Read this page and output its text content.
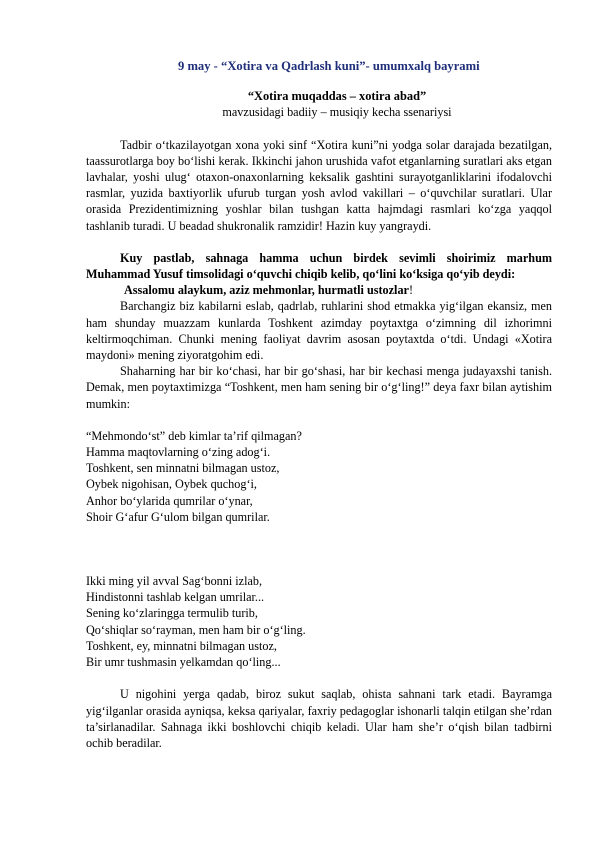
9 may - “Xotira va Qadrlash kuni”- umumxalq bayrami
“Xotira muqaddas – xotira abad”
mavzusidagi badiiy – musiqiy kecha ssenariysi

Tadbir o‘tkazilayotgan xona yoki sinf “Xotira kuni”ni yodga solar darajada bezatilgan, taassurotlarga boy bo‘lishi kerak. Ikkinchi jahon urushida vafot etganlarning suratlari aks etgan lavhalar, yoshi ulug‘ otaxon-onaxonlarning keksalik gashtini surayotganliklarini ifodalovchi rasmlar, yuzida baxtiyorlik ufurub turgan yosh avlod vakillari – o‘quvchilar suratlari. Ular orasida Prezidentimizning yoshlar bilan tushgan katta hajmdagi rasmlari ko‘zga yaqqol tashlanib turadi. U beadad shukronalik ramzidir! Hazin kuy yangraydi.

Kuy pastlab, sahnaga hamma uchun birdek sevimli shoirimiz marhum Muhammad Yusuf timsolidagi o‘quvchi chiqib kelib, qo‘lini ko‘ksiga qo‘yib deydi:

Assalomu alaykum, aziz mehmonlar, hurmatli ustozlar!

Barchangiz biz kabilarni eslab, qadrlab, ruhlarini shod etmakka yig‘ilgan ekansiz, men ham shunday muazzam kunlarda Toshkent azimday poytaxtga o‘zimning dil izhorimni keltirmoqchiman. Chunki mening faoliyat davrim asosan poytaxtda o‘tdi. Undagi «Xotira maydoni» mening ziyoratgohim edi.

Shaharning har bir ko‘chasi, har bir go‘shasi, har bir kechasi menga judayaxshi tanish. Demak, men poytaxtimizga “Toshkent, men ham sening bir o‘g‘ling!” deya faxr bilan aytishim mumkin:

“Mehmondo‘st” deb kimlar ta’rif qilmagan?
Hamma maqtovlarning o‘zing adog‘i.
Toshkent, sen minnatni bilmagan ustoz,
Oybek nigohisan, Oybek quchog‘i,
Anhor bo‘ylarida qumrilar o‘ynar,
Shoir G‘afur G‘ulom bilgan qumrilar.
Ikki ming yil avval Sag‘bonni izlab,
Hindistonni tashlab kelgan umrilar...
Sening ko‘zlaringga termulib turib,
Qo‘shiqlar so‘rayman, men ham bir o‘g‘ling.
Toshkent, ey, minnatni bilmagan ustoz,
Bir umr tushmasin yelkamdan qo‘ling...

U nigohini yerga qadab, biroz sukut saqlab, ohista sahnani tark etadi. Bayramga yig‘ilganlar orasida ayniqsa, keksa qariyalar, faxriy pedagoglar ishonarli talqin etilgan she’rdan ta’sirlanadilar. Sahnaga ikki boshlovchi chiqib keladi. Ular ham she’r o‘qish bilan tadbirni ochib beradilar.
